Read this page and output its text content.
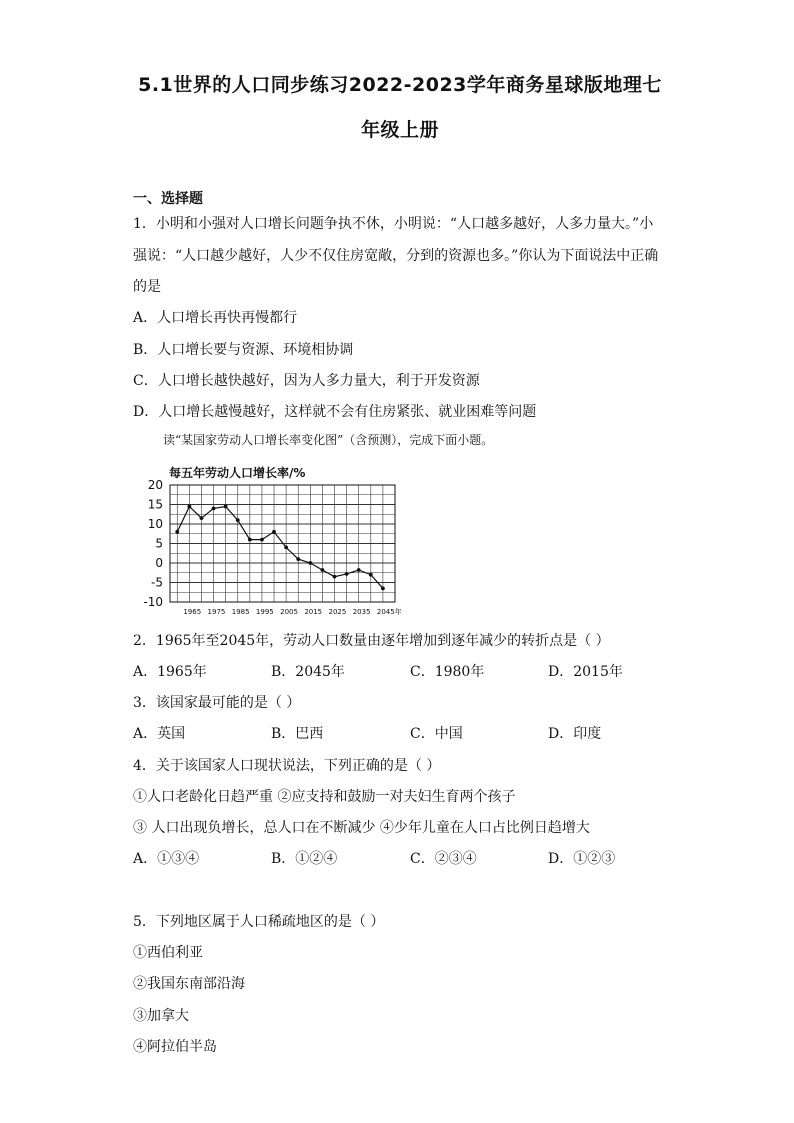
5.1世界的人口同步练习2022-2023学年商务星球版地理七
年级上册
一、选择题
1．小明和小强对人口增长问题争执不休，小明说：“人口越多越好，人多力量大。”小
强说：“人口越少越好，人少不仅住房宽敞，分到的资源也多。”你认为下面说法中正确
的是
A．人口增长再快再慢都行
B．人口增长要与资源、环境相协调
C．人口增长越快越好，因为人多力量大，利于开发资源
D．人口增长越慢越好，这样就不会有住房紧张、就业困难等问题
读“某国家劳动人口增长率变化图”（含预测），完成下面小题。
每五年劳动人口增长率/%
20
15
10
5
0
-5
-10
1965 1975 1985 1995 2005 2015 2025 2035 2045年
2．1965年至2045年，劳动人口数量由逐年增加到逐年减少的转折点是（ ）
A．1965年	B．2045年	C．1980年	D．2015年
3．该国家最可能的是（ ）
A．英国	B．巴西	C．中国	D．印度
4．关于该国家人口现状说法，下列正确的是（ ）
①人口老龄化日趋严重 ②应支持和鼓励一对夫妇生育两个孩子
③ 人口出现负增长，总人口在不断减少 ④少年儿童在人口占比例日趋增大
A．①③④	B．①②④	C．②③④	D．①②③
5．下列地区属于人口稀疏地区的是（ ）
①西伯利亚
②我国东南部沿海
③加拿大
④阿拉伯半岛
